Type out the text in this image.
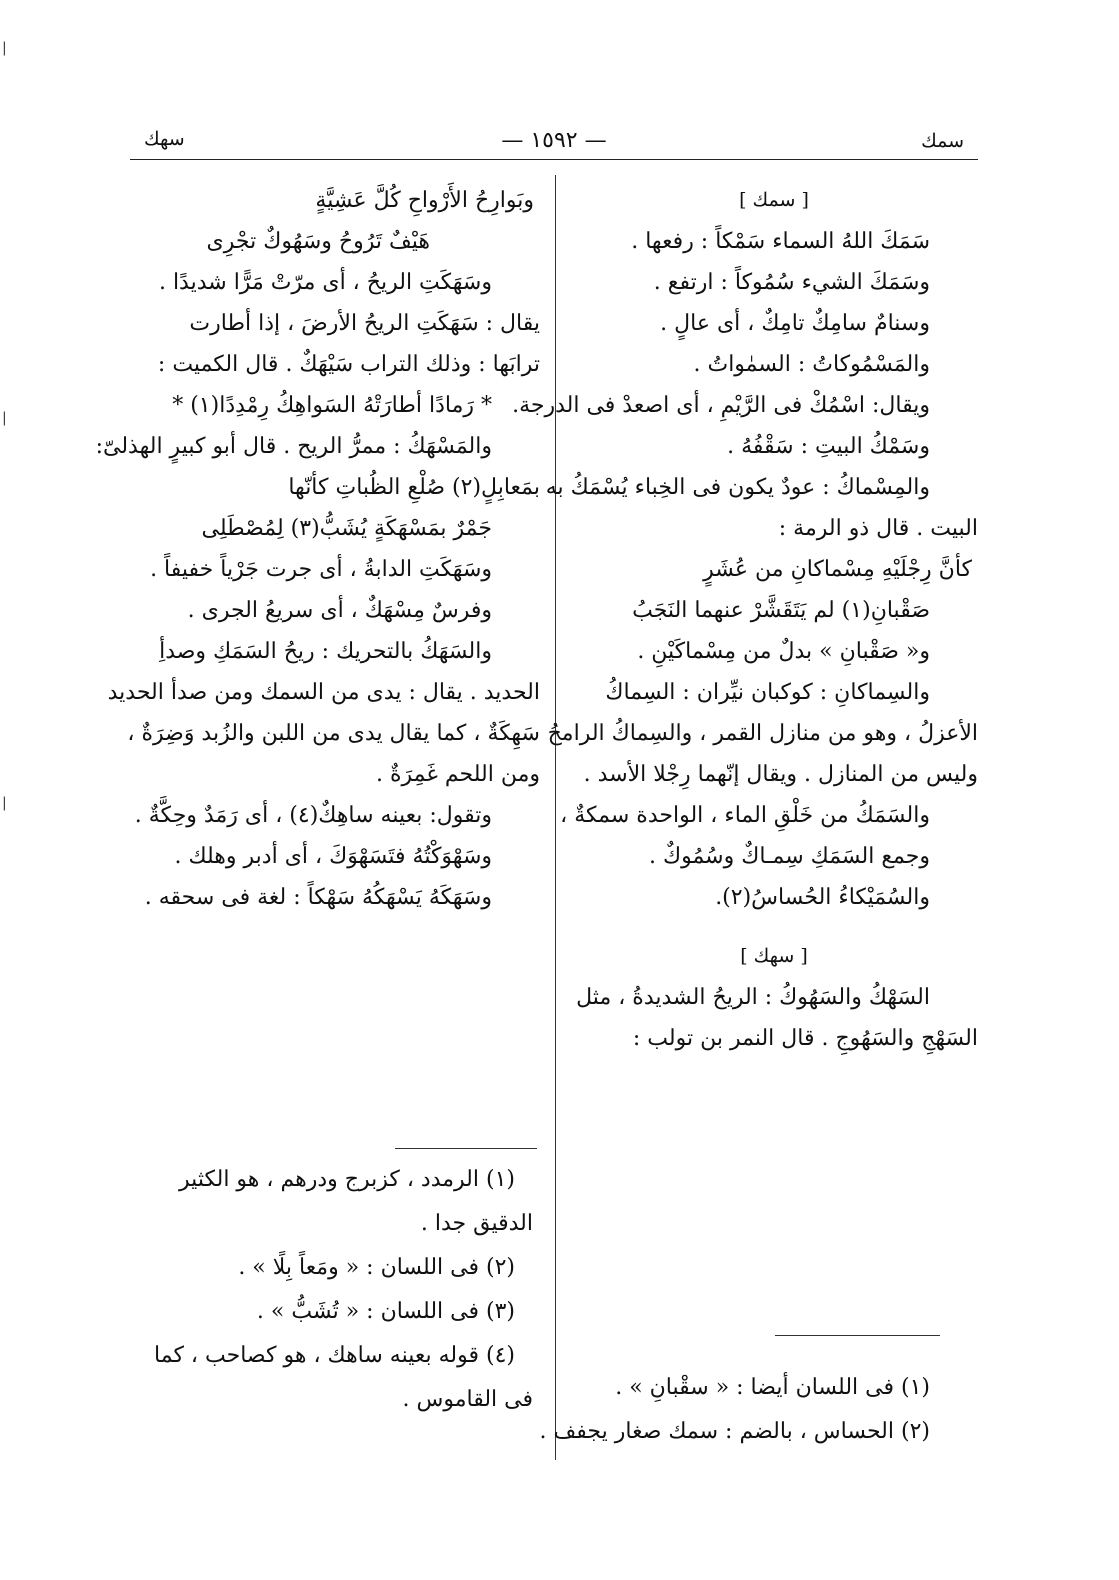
سمك
— ١٥٩٢ —
سهك
[ سمك ]
سَمَكَ اللهُ السماء سَمْكاً : رفعها .
وسَمَكَ الشيء سُمُوكاً : ارتفع .
وسنامٌ سامِكٌ تامِكٌ ، أى عالٍ .
والمَسْمُوكاتُ : السمٰواتُ .
ويقال: اسْمُكْ فى الرَّيْمِ ، أى اصعدْ فى الدرجة.
وسَمْكُ البيتِ : سَقْفُهُ .
والمِسْماكُ : عودٌ يكون فى الخِباء يُسْمَكُ به
البيت . قال ذو الرمة :
كأنَّ رِجْلَيْهِ مِسْماكانِ من عُشَرٍ
صَقْبانِ(١) لم يَتَقَشَّرْ عنهما النَجَبُ
و« صَقْبانِ » بدلٌ من مِسْماكَيْنِ .
والسِماكانِ : كوكبان نيِّران : السِماكُ
الأعزلُ ، وهو من منازل القمر ، والسِماكُ الرامحُ
وليس من المنازل . ويقال إنّهما رِجْلا الأسد .
والسَمَكُ من خَلْقِ الماء ، الواحدة سمكةٌ ،
وجمع السَمَكِ سِمـاكٌ وسُمُوكٌ .
والسُمَيْكاءُ الحُساسُ(٢).
[ سهك ]
السَهْكُ والسَهُوكُ : الريحُ الشديدةُ ، مثل
السَهْجِ والسَهُوجِ . قال النمر بن تولب :
(١) فى اللسان أيضا : « سقْبانِ » .
(٢) الحساس ، بالضم : سمك صغار يجفف .
وبَوارِحُ الأَرْواحِ كُلَّ عَشِيَّةٍ
هَيْفٌ تَرُوحُ وسَهُوكٌ تجْرِى
وسَهَكَتِ الريحُ ، أى مرّتْ مَرًّا شديدًا .
يقال : سَهَكَتِ الريحُ الأرضَ ، إذا أطارت
ترابَها : وذلك التراب سَيْهَكٌ . قال الكميت :
* رَمادًا أطارَتْهُ السَواهِكُ رِمْدِدًا(١) *
والمَسْهَكُ : ممرُّ الريح . قال أبو كبيرٍ الهذلىّ:
بمَعابِلٍ(٢) صُلْعِ الظُباتِ كأنّها
جَمْرٌ بمَسْهَكَةٍ يُشَبُّ(٣) لِمُصْطَلِى
وسَهَكَتِ الدابةُ ، أى جرت جَرْياً خفيفاً .
وفرسٌ مِسْهَكٌ ، أى سريعُ الجرى .
والسَهَكُ بالتحريك : ريحُ السَمَكِ وصدأِ
الحديد . يقال : يدى من السمك ومن صدأ الحديد
سَهِكَةٌ ، كما يقال يدى من اللبن والزُبد وَضِرَةٌ ،
ومن اللحم غَمِرَةٌ .
وتقول: بعينه ساهِكٌ(٤) ، أى رَمَدٌ وحِكَّةٌ .
وسَهْوَكْتُهُ فتَسَهْوَكَ ، أى أدبر وهلك .
وسَهَكَهُ يَسْهَكُهُ سَهْكاً : لغة فى سحقه .
(١) الرمدد ، كزبرج ودرهم ، هو الكثير
الدقيق جدا .
(٢) فى اللسان : « ومَعاً بِلًا » .
(٣) فى اللسان : « تُشَبُّ » .
(٤) قوله بعينه ساهك ، هو كصاحب ، كما
فى القاموس .
|
|
|
